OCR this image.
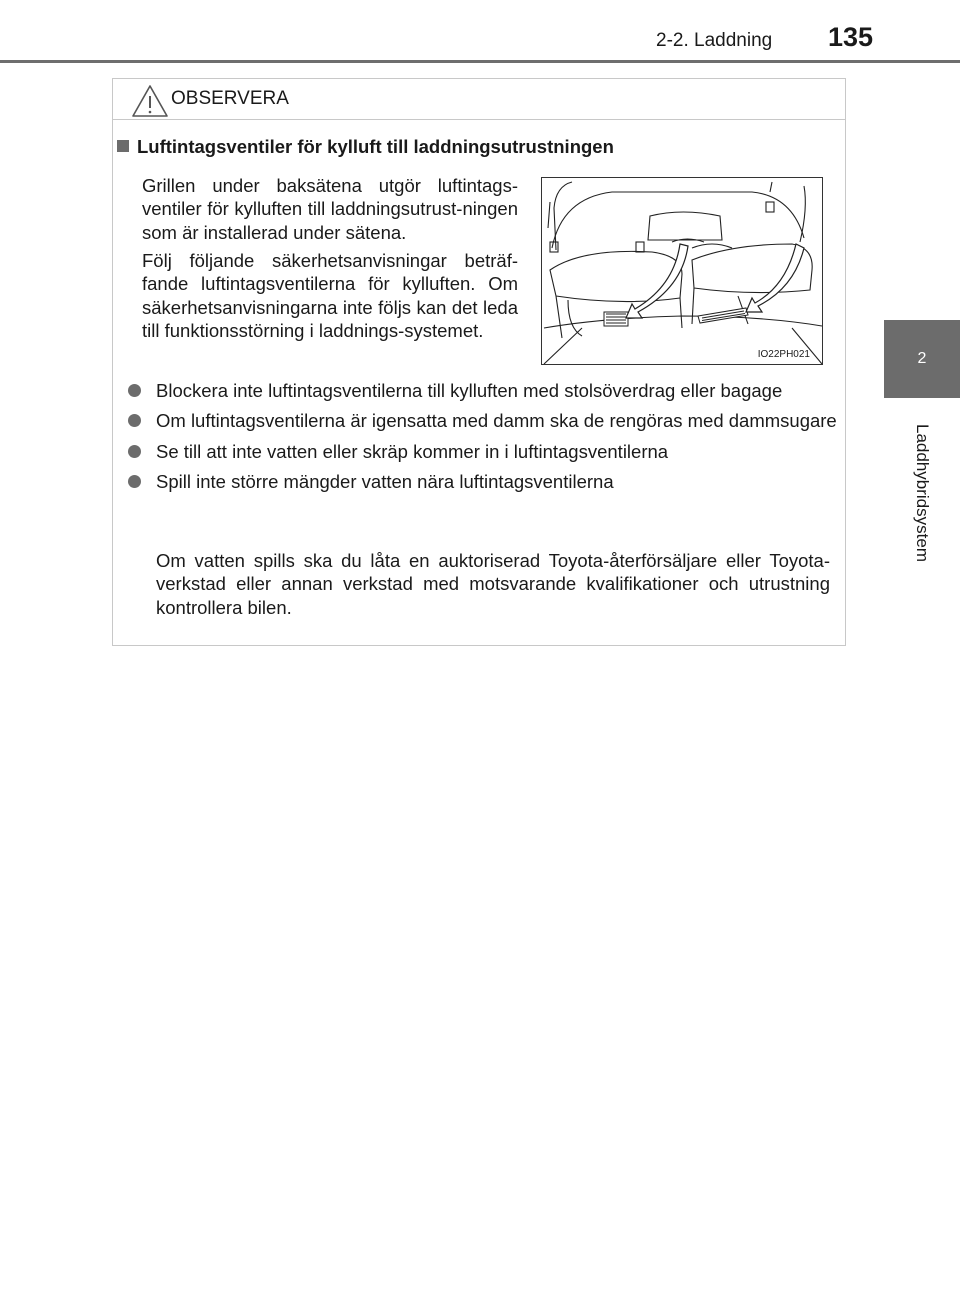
2-2. Laddning 135
2
Laddhybridsystem
OBSERVERA
Luftintagsventiler för kylluft till laddningsutrustningen

Grillen under baksätena utgör luftintags-ventiler för kylluften till laddningsutrust-ningen som är installerad under sätena.

Följ följande säkerhetsanvisningar beträf-fande luftintagsventilerna för kylluften. Om säkerhetsanvisningarna inte följs kan det leda till funktionsstörning i laddnings-systemet.

IO22PH021
Blockera inte luftintagsventilerna till kylluften med stolsöverdrag eller bagage
Om luftintagsventilerna är igensatta med damm ska de rengöras med dammsugare
Se till att inte vatten eller skräp kommer in i luftintagsventilerna
Spill inte större mängder vatten nära luftintagsventilerna

Om vatten spills ska du låta en auktoriserad Toyota-återförsäljare eller Toyota-verkstad eller annan verkstad med motsvarande kvalifikationer och utrustning kontrollera bilen.
